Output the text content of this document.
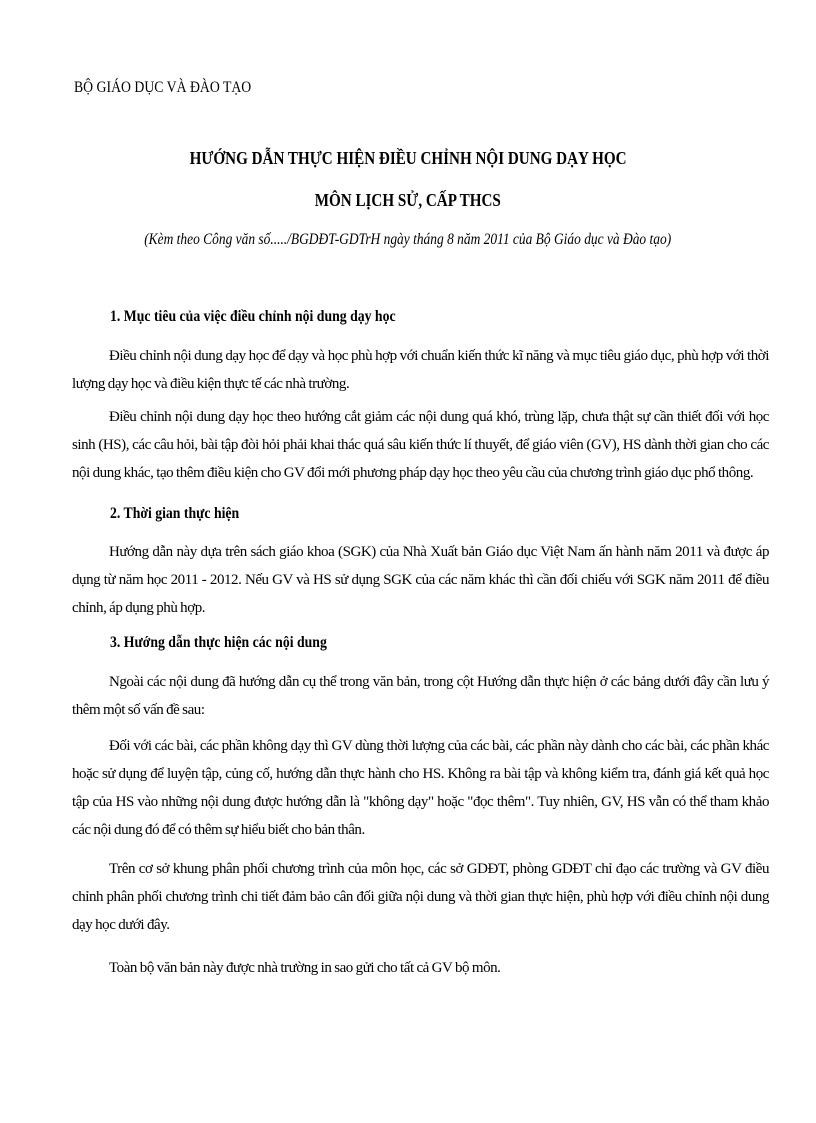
BỘ GIÁO DỤC VÀ ĐÀO TẠO
HƯỚNG DẪN THỰC HIỆN ĐIỀU CHỈNH NỘI DUNG DẠY HỌC
MÔN LỊCH SỬ, CẤP THCS
(Kèm theo Công văn số...../BGDĐT-GDTrH ngày tháng 8 năm 2011 của Bộ Giáo dục và Đào tạo)
1. Mục tiêu của việc điều chỉnh nội dung dạy học
Điều chỉnh nội dung dạy học để dạy và học phù hợp với chuẩn kiến thức kĩ năng và mục tiêu giáo dục, phù hợp với thời lượng dạy học và điều kiện thực tế các nhà trường.
Điều chỉnh nội dung dạy học theo hướng cắt giảm các nội dung quá khó, trùng lặp, chưa thật sự cần thiết đối với học sinh (HS), các câu hỏi, bài tập đòi hỏi phải khai thác quá sâu kiến thức lí thuyết, để giáo viên (GV), HS dành thời gian cho các nội dung khác, tạo thêm điều kiện cho GV đổi mới phương pháp dạy học theo yêu cầu của chương trình giáo dục phổ thông.
2. Thời gian thực hiện
Hướng dẫn này dựa trên sách giáo khoa (SGK) của Nhà Xuất bản Giáo dục Việt Nam ấn hành năm 2011 và được áp dụng từ năm học 2011 - 2012. Nếu GV và HS sử dụng SGK của các năm khác thì cần đối chiếu với SGK năm 2011 để điều chỉnh, áp dụng phù hợp.
3. Hướng dẫn thực hiện các nội dung
Ngoài các nội dung đã hướng dẫn cụ thể trong văn bản, trong cột Hướng dẫn thực hiện ở các bảng dưới đây cần lưu ý thêm một số vấn đề sau:
Đối với các bài, các phần không dạy thì GV dùng thời lượng của các bài, các phần này dành cho các bài, các phần khác hoặc sử dụng để luyện tập, củng cố, hướng dẫn thực hành cho HS. Không ra bài tập và không kiểm tra, đánh giá kết quả học tập của HS vào những nội dung được hướng dẫn là "không dạy" hoặc "đọc thêm". Tuy nhiên, GV, HS vẫn có thể tham khảo các nội dung đó để có thêm sự hiểu biết cho bản thân.
Trên cơ sở khung phân phối chương trình của môn học, các sở GDĐT, phòng GDĐT chỉ đạo các trường và GV điều chỉnh phân phối chương trình chi tiết đảm bảo cân đối giữa nội dung và thời gian thực hiện, phù hợp với điều chỉnh nội dung dạy học dưới đây.
Toàn bộ văn bản này được nhà trường in sao gửi cho tất cả GV bộ môn.
